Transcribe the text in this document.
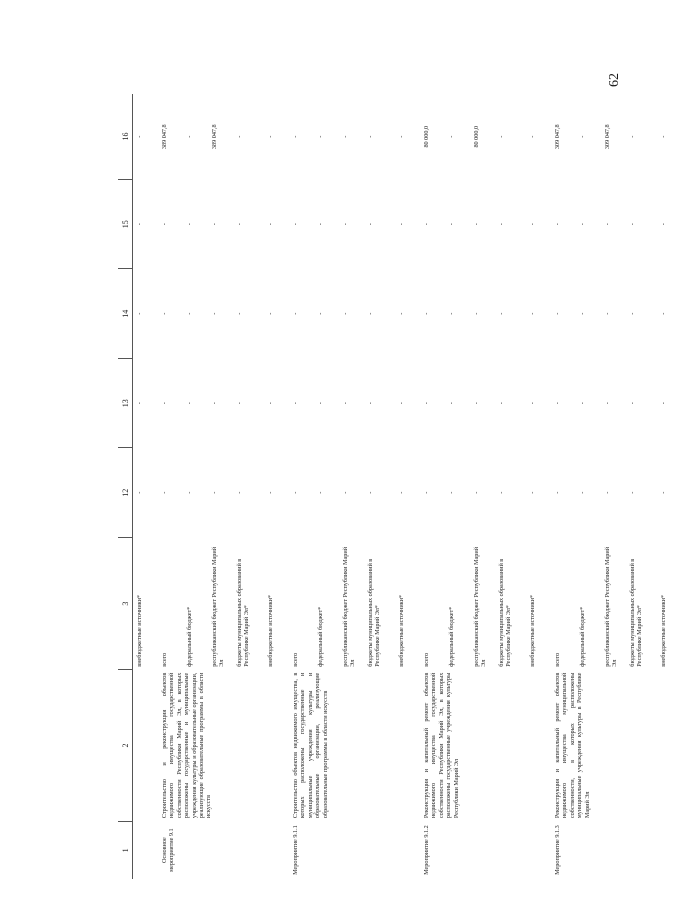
62
1	2	3	12	13	14	15	16
		внебюджетные источники*	-	-	-	-	-
Основное мероприятие 9.1	Строительство и реконструкция объектов недвижимого имущества государственной собственности Республики Марий Эл, в которых расположены государственные и муниципальные учреждения культуры и образовательные организации, реализующие образовательные программы в области искусств	всего	-	-	-	-	389 047,8
		федеральный бюджет*	-	-	-	-	-
		республиканский бюджет Республики Марий Эл	-	-	-	-	389 047,8
		бюджеты муниципальных образований в Республике Марий Эл*	-	-	-	-	-
		внебюджетные источники*	-	-	-	-	-
Мероприятие 9.1.1	Строительство объектов недвижимого имущества, в которых расположены государственные и муниципальные учреждения культуры и образовательные организации, реализующие образовательные программы в области искусств	всего	-	-	-	-	-
		федеральный бюджет*	-	-	-	-	-
		республиканский бюджет Республики Марий Эл	-	-	-	-	-
		бюджеты муниципальных образований в Республике Марий Эл*	-	-	-	-	-
		внебюджетные источники*	-	-	-	-	-
Мероприятие 9.1.2	Реконструкция и капитальный ремонт объектов недвижимого имущества государственной собственности Республики Марий Эл, в которых расположены государственные учреждения культуры Республики Марий Эл	всего	-	-	-	-	80 000,0
		федеральный бюджет*	-	-	-	-	-
		республиканский бюджет Республики Марий Эл	-	-	-	-	80 000,0
		бюджеты муниципальных образований в Республике Марий Эл*	-	-	-	-	-
		внебюджетные источники*	-	-	-	-	-
Мероприятие 9.1.3	Реконструкция и капитальный ремонт объектов недвижимого имущества муниципальной собственности, в которых расположены муниципальные учреждения культуры в Республике Марий Эл	всего	-	-	-	-	309 047,8
		федеральный бюджет*	-	-	-	-	-
		республиканский бюджет Республики Марий Эл	-	-	-	-	309 047,8
		бюджеты муниципальных образований в Республике Марий Эл*	-	-	-	-	-
		внебюджетные источники*	-	-	-	-	-
